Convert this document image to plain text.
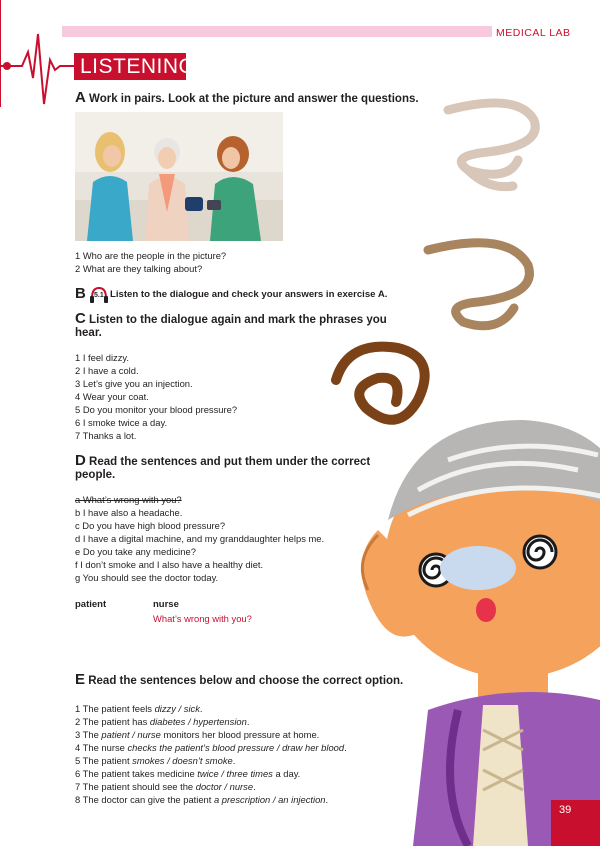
MEDICAL LAB
LISTENING
A Work in pairs. Look at the picture and answer the questions.
1 Who are the people in the picture?
2 What are they talking about?
B 5.1 Listen to the dialogue and check your answers in exercise A.
C Listen to the dialogue again and mark the phrases you
hear.
1 I feel dizzy.
2 I have a cold.
3 Let’s give you an injection.
4 Wear your coat.
5 Do you monitor your blood pressure?
6 I smoke twice a day.
7 Thanks a lot.
D Read the sentences and put them under the correct
people.
a What’s wrong with you?
b I have also a headache.
c Do you have high blood pressure?
d I have a digital machine, and my granddaughter helps me.
e Do you take any medicine?
f I don’t smoke and I also have a healthy diet.
g You should see the doctor today.
patient	nurse
What’s wrong with you?
E Read the sentences below and choose the correct option.
1 The patient feels dizzy / sick.
2 The patient has diabetes / hypertension.
3 The patient / nurse monitors her blood pressure at home.
4 The nurse checks the patient’s blood pressure / draw her blood.
5 The patient smokes / doesn’t smoke.
6 The patient takes medicine twice / three times a day.
7 The patient should see the doctor / nurse.
8 The doctor can give the patient a prescription / an injection.
39
